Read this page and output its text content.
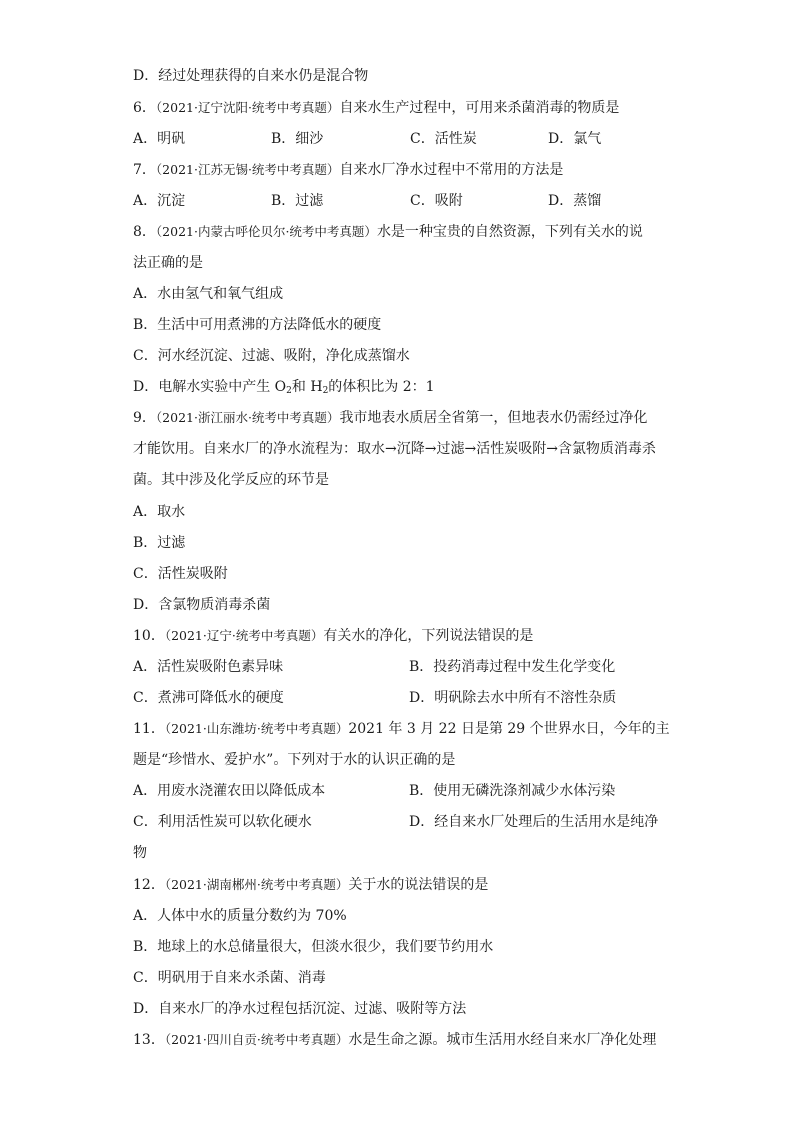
D．经过处理获得的自来水仍是混合物
6．（2021·辽宁沈阳·统考中考真题）自来水生产过程中，可用来杀菌消毒的物质是
A．明矾	B．细沙	C．活性炭	D．氯气
7．（2021·江苏无锡·统考中考真题）自来水厂净水过程中不常用的方法是
A．沉淀	B．过滤	C．吸附	D．蒸馏
8．（2021·内蒙古呼伦贝尔·统考中考真题）水是一种宝贵的自然资源，下列有关水的说
法正确的是
A．水由氢气和氧气组成
B．生活中可用煮沸的方法降低水的硬度
C．河水经沉淀、过滤、吸附，净化成蒸馏水
D．电解水实验中产生 $O_2$和 $H_2$的体积比为 2：1
9．（2021·浙江丽水·统考中考真题）我市地表水质居全省第一，但地表水仍需经过净化
才能饮用。自来水厂的净水流程为：取水→沉降→过滤→活性炭吸附→含氯物质消毒杀
菌。其中涉及化学反应的环节是
A．取水
B．过滤
C．活性炭吸附
D．含氯物质消毒杀菌
10．（2021·辽宁·统考中考真题）有关水的净化，下列说法错误的是
A．活性炭吸附色素异味	B．投药消毒过程中发生化学变化
C．煮沸可降低水的硬度	D．明矾除去水中所有不溶性杂质
11．（2021·山东潍坊·统考中考真题）2021 年 3 月 22 日是第 29 个世界水日，今年的主
题是“珍惜水、爱护水”。下列对于水的认识正确的是
A．用废水浇灌农田以降低成本	B．使用无磷洗涤剂减少水体污染
C．利用活性炭可以软化硬水	D．经自来水厂处理后的生活用水是纯净
物
12．（2021·湖南郴州·统考中考真题）关于水的说法错误的是
A．人体中水的质量分数约为 70%
B．地球上的水总储量很大，但淡水很少，我们要节约用水
C．明矾用于自来水杀菌、消毒
D．自来水厂的净水过程包括沉淀、过滤、吸附等方法
13．（2021·四川自贡·统考中考真题）水是生命之源。城市生活用水经自来水厂净化处理
